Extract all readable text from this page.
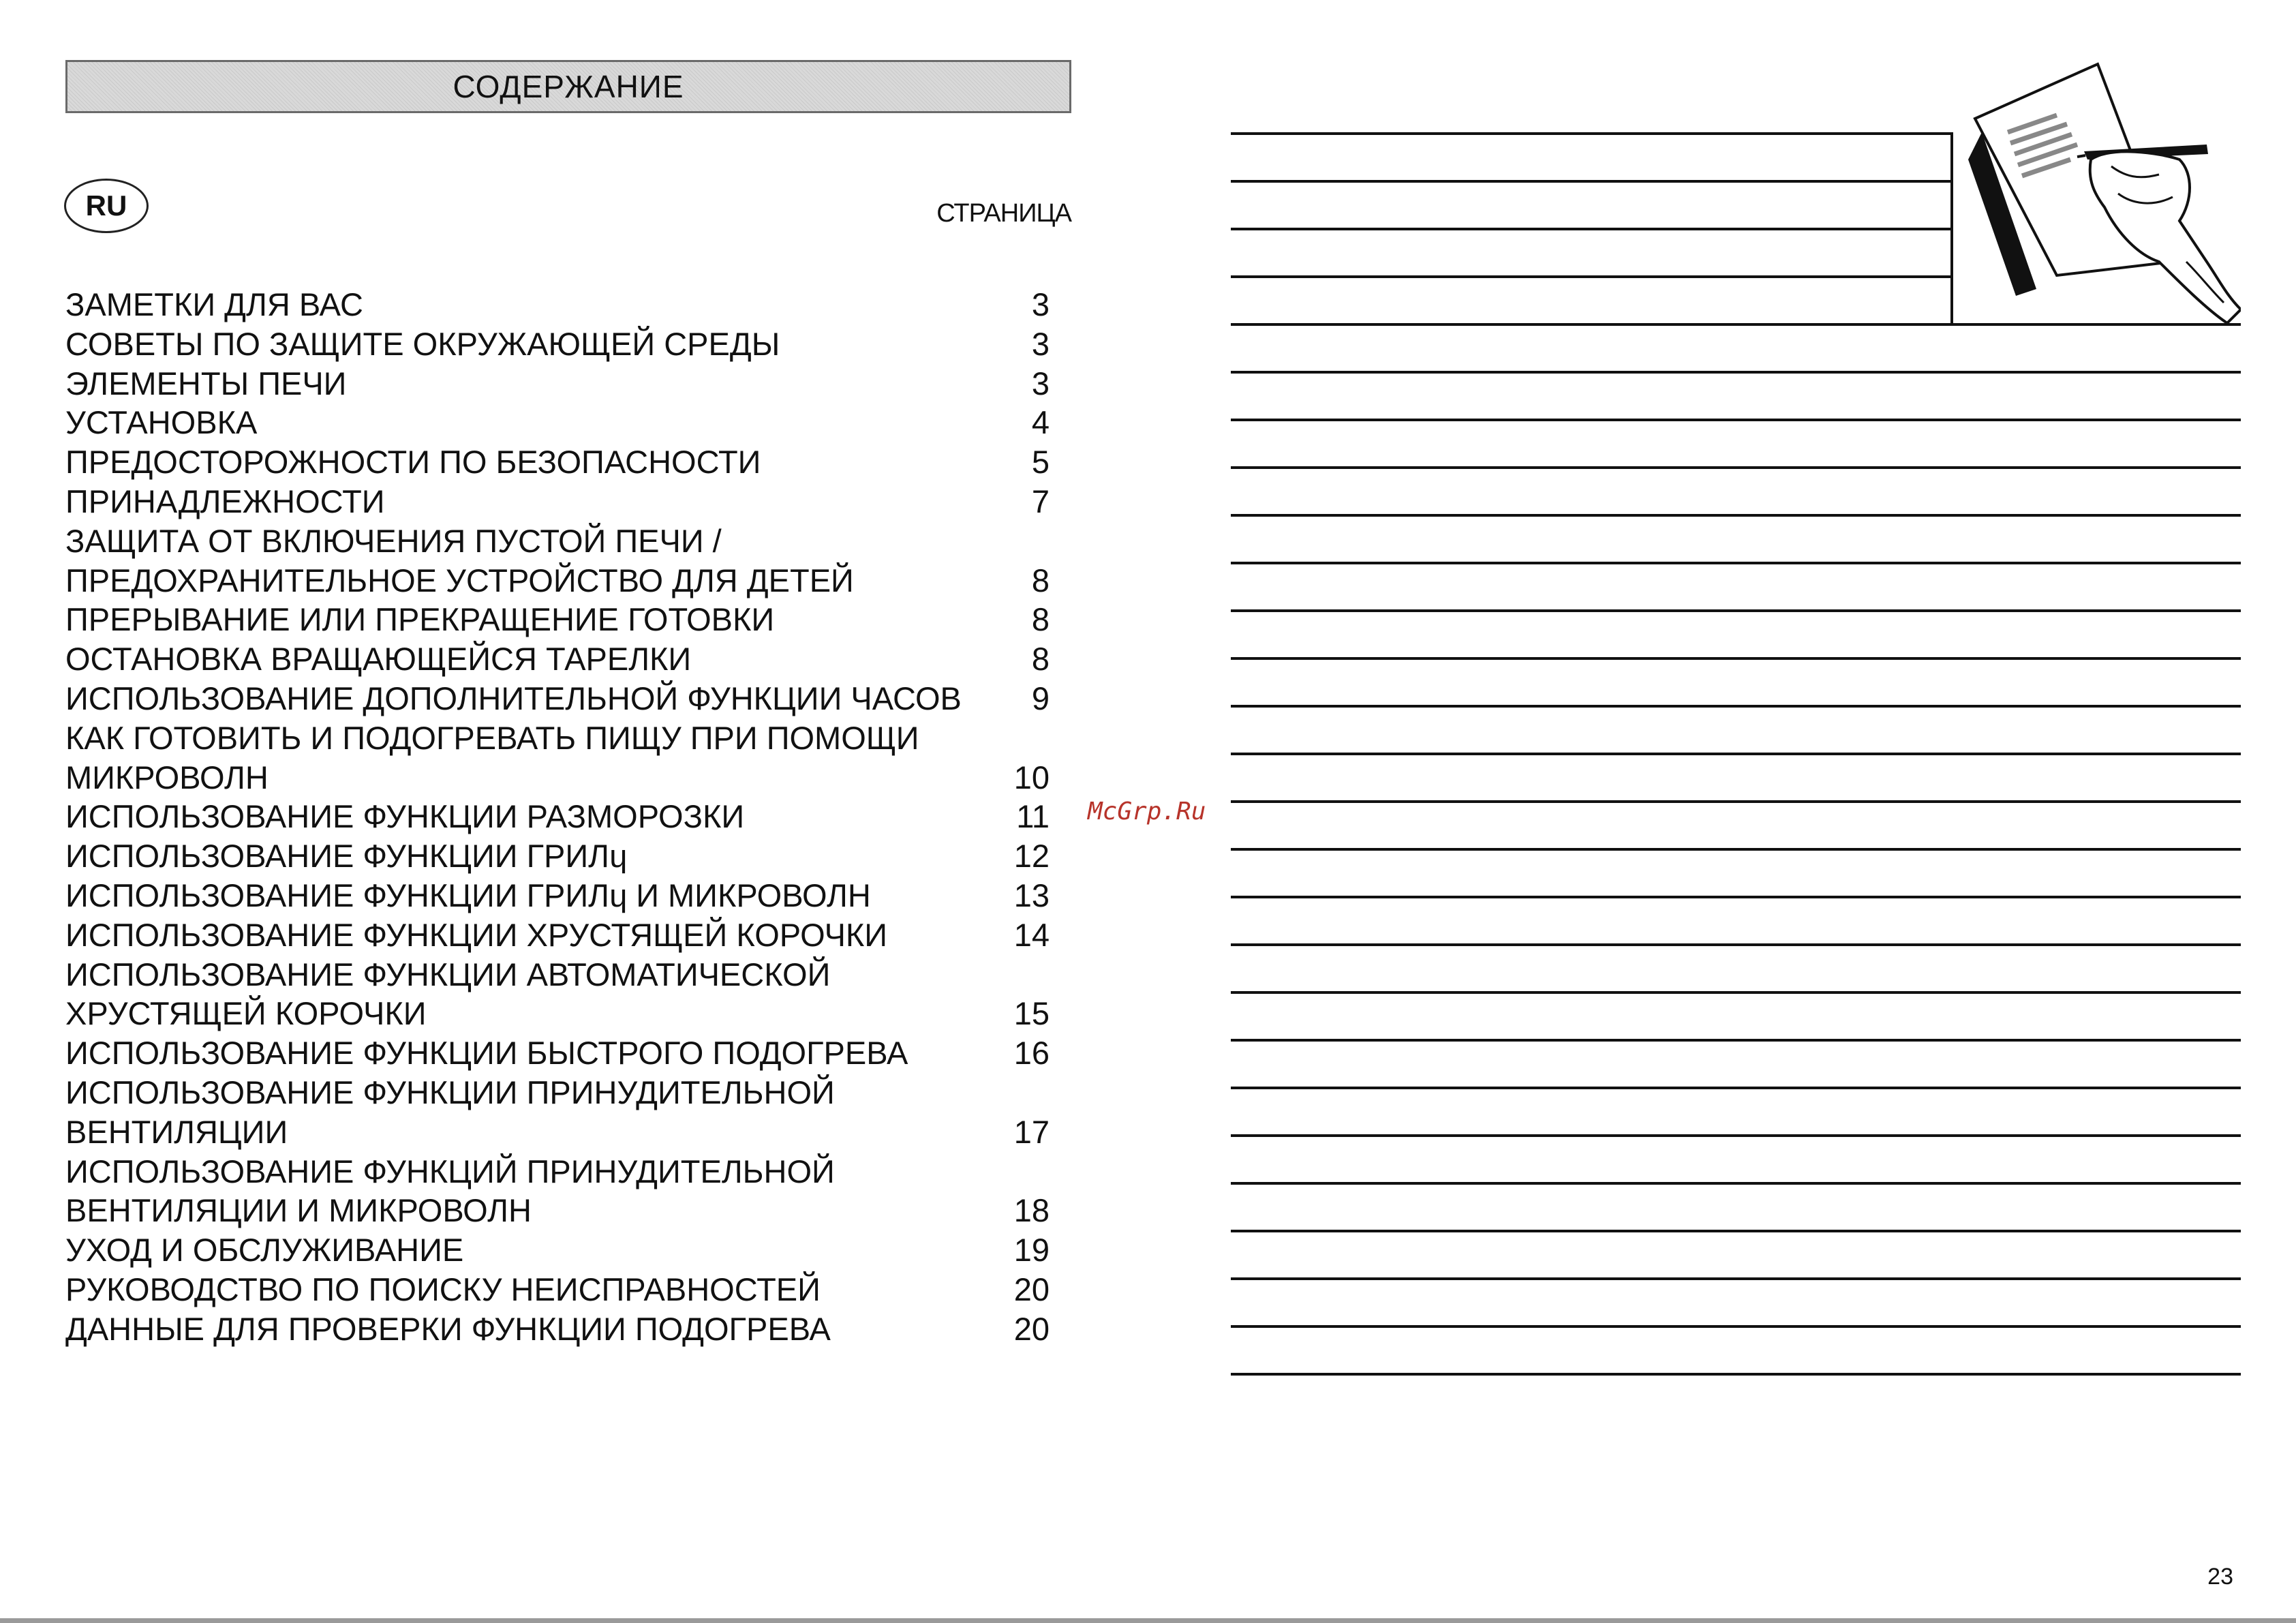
СОДЕРЖАНИЕ
RU	СТРАНИЦА
ЗАМЕТКИ ДЛЯ ВАС	3
СОВЕТЫ ПО ЗАЩИТЕ ОКРУЖАЮЩЕЙ СРЕДЫ	3
ЭЛЕМЕНТЫ ПЕЧИ	3
УСТАНОВКА	4
ПРЕДОСТОРОЖНОСТИ ПО БЕЗОПАСНОСТИ	5
ПРИНАДЛЕЖНОСТИ	7
ЗАЩИТА ОТ ВКЛЮЧЕНИЯ ПУСТОЙ ПЕЧИ /
ПРЕДОХРАНИТЕЛЬНОЕ УСТРОЙСТВО ДЛЯ ДЕТЕЙ	8
ПРЕРЫВАНИЕ ИЛИ ПРЕКРАЩЕНИЕ ГОТОВКИ	8
ОСТАНОВКА ВРАЩАЮЩЕЙСЯ ТАРЕЛКИ	8
ИСПОЛЬЗОВАНИЕ ДОПОЛНИТЕЛЬНОЙ ФУНКЦИИ ЧАСОВ	9
КАК ГОТОВИТЬ И ПОДОГРЕВАТЬ ПИЩУ ПРИ ПОМОЩИ
МИКРОВОЛН	10
ИСПОЛЬЗОВАНИЕ ФУНКЦИИ РАЗМОРОЗКИ	11
ИСПОЛЬЗОВАНИЕ ФУНКЦИИ ГРИЛɥ	12
ИСПОЛЬЗОВАНИЕ ФУНКЦИИ ГРИЛɥ И МИКРОВОЛН	13
ИСПОЛЬЗОВАНИЕ ФУНКЦИИ ХРУСТЯЩЕЙ КОРОЧКИ	14
ИСПОЛЬЗОВАНИЕ ФУНКЦИИ АВТОМАТИЧЕСКОЙ
ХРУСТЯЩЕЙ КОРОЧКИ	15
ИСПОЛЬЗОВАНИЕ ФУНКЦИИ БЫСТРОГО ПОДОГРЕВА	16
ИСПОЛЬЗОВАНИЕ ФУНКЦИИ ПРИНУДИТЕЛЬНОЙ
ВЕНТИЛЯЦИИ	17
ИСПОЛЬЗОВАНИЕ ФУНКЦИЙ ПРИНУДИТЕЛЬНОЙ
ВЕНТИЛЯЦИИ И МИКРОВОЛН	18
УХОД И ОБСЛУЖИВАНИЕ	19
РУКОВОДСТВО ПО ПОИСКУ НЕИСПРАВНОСТЕЙ	20
ДАННЫЕ ДЛЯ ПРОВЕРКИ ФУНКЦИИ ПОДОГРЕВА	20
McGrp.Ru
23
